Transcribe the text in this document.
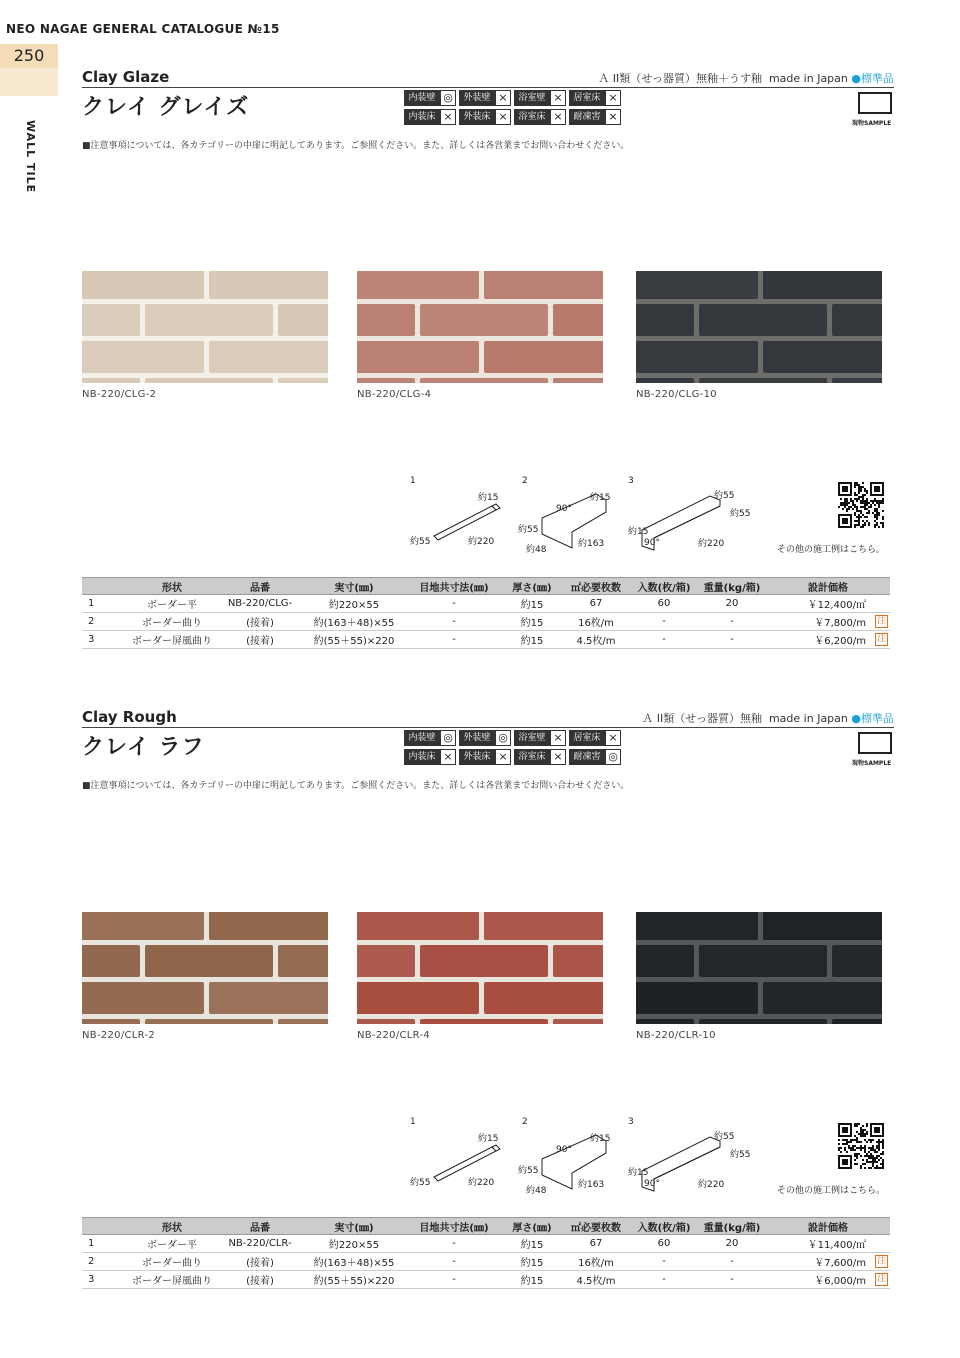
NEO NAGAE GENERAL CATALOGUE №15
250
WALL TILE
Clay Glaze	Ａ II類（せっ器質）無釉＋うす釉 made in Japan ●標準品
クレイ グレイズ	内装壁 ◎	外装壁 ×	浴室壁 ×	居室床 ×
内装床 ×	外装床 ×	浴室床 ×	耐凍害 ×
現物SAMPLE
■注意事項については、各カテゴリーの中扉に明記してあります。ご参照ください。また、詳しくは各営業までお問い合わせください。
NB-220/CLG-2	NB-220/CLG-4	NB-220/CLG-10
1
約15
約55	約220
2
約15
90°
約55
約48
約163
3
約55
約55
約15
90°	約220
その他の施工例はこちら。
	形状	品番	実寸(㎜)	目地共寸法(㎜)	厚さ(㎜)	㎡必要枚数	入数(枚/箱)	重量(kg/箱)	設計価格
1	ボーダー平	NB-220/CLG-	約220×55	-	約15	67	60	20	￥12,400/㎡
2	ボーダー曲り	(接着)	約(163＋48)×55	-	約15	16枚/m	-	-	￥7,800/m 注

3	ボーダー屏風曲り	(接着)	約(55＋55)×220	-	約15	4.5枚/m	-	-	￥6,200/m 注
Clay Rough	Ａ II類（せっ器質）無釉 made in Japan ●標準品
クレイ ラフ	内装壁 ◎	外装壁 ◎	浴室壁 ×	居室床 ×
内装床 ×	外装床 ×	浴室床 ×	耐凍害 ◎
現物SAMPLE
■注意事項については、各カテゴリーの中扉に明記してあります。ご参照ください。また、詳しくは各営業までお問い合わせください。
NB-220/CLR-2	NB-220/CLR-4	NB-220/CLR-10
1
約15
約55	約220
2
約15
90°
約55
約48
約163
3
約55
約55
約15
90°	約220
その他の施工例はこちら。
	形状	品番	実寸(㎜)	目地共寸法(㎜)	厚さ(㎜)	㎡必要枚数	入数(枚/箱)	重量(kg/箱)	設計価格
1	ボーダー平	NB-220/CLR-	約220×55	-	約15	67	60	20	￥11,400/㎡
2	ボーダー曲り	(接着)	約(163＋48)×55	-	約15	16枚/m	-	-	￥7,600/m 注

3	ボーダー屏風曲り	(接着)	約(55＋55)×220	-	約15	4.5枚/m	-	-	￥6,000/m 注
